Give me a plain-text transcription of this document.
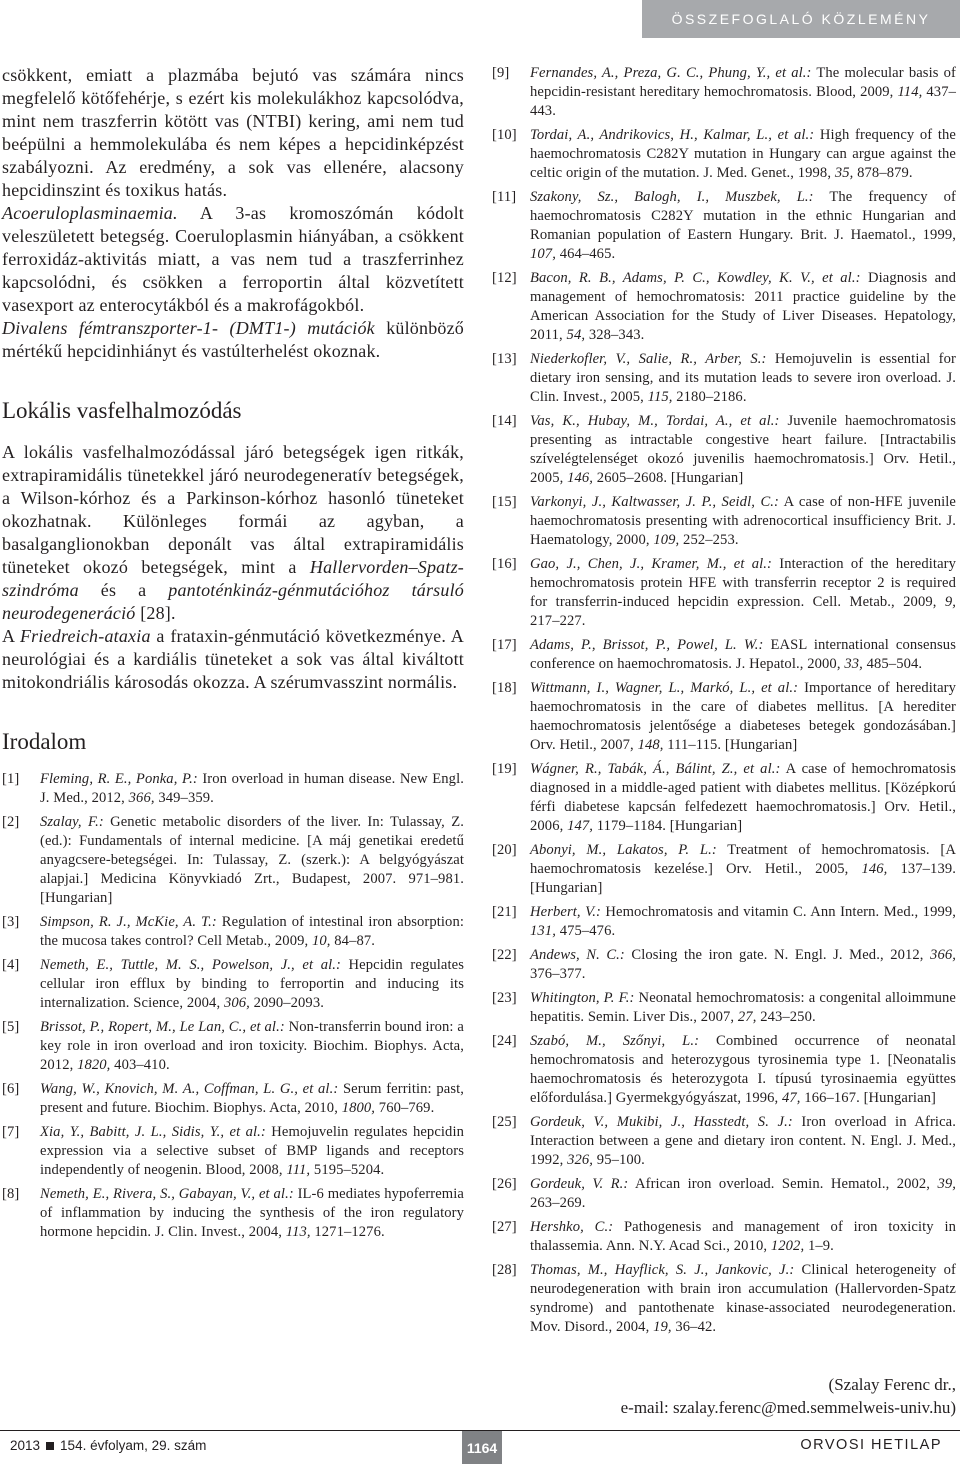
ÖSSZEFOGLALÓ KÖZLEMÉNY

csökkent, emiatt a plazmába bejutó vas számára nincs megfelelő kötőfehérje, s ezért kis molekulákhoz kapcsolódva, mint nem traszferrin kötött vas (NTBI) kering, ami nem tud beépülni a hemmolekulába és nem képes a hepcidinképzést szabályozni. Az eredmény, a sok vas ellenére, alacsony hepcidinszint és toxikus hatás.

Acoeruloplasminaemia. A 3-as kromoszómán kódolt veleszületett betegség. Coeruloplasmin hiányában, a csökkent ferroxidáz-aktivitás miatt, a vas nem tud a traszferrinhez kapcsolódni, és csökken a ferroportin által közvetített vasexport az enterocytákból és a makrofágokból.

Divalens fémtranszporter-1- (DMT1-) mutációk különböző mértékű hepcidinhiányt és vastúlterhelést okoznak.

Lokális vasfelhalmozódás

A lokális vasfelhalmozódással járó betegségek igen ritkák, extrapiramidális tünetekkel járó neurodegeneratív betegségek, a Wilson-kórhoz és a Parkinson-kórhoz hasonló tüneteket okozhatnak. Különleges formái az agyban, a basalganglionokban deponált vas által extrapiramidális tüneteket okozó betegségek, mint a Hallervorden–Spatz-szindróma és a pantoténkináz-génmutációhoz társuló neurodegeneráció [28].

A Friedreich-ataxia a frataxin-génmutáció következménye. A neurológiai és a kardiális tüneteket a sok vas által kiváltott mitokondriális károsodás okozza. A szérumvasszint normális.

Irodalom
[1] Fleming, R. E., Ponka, P.: Iron overload in human disease. New Engl. J. Med., 2012, 366, 349–359.
[2] Szalay, F.: Genetic metabolic disorders of the liver. In: Tulassay, Z. (ed.): Fundamentals of internal medicine. [A máj genetikai eredetű anyagcsere-betegségei. In: Tulassay, Z. (szerk.): A belgyógyászat alapjai.] Medicina Könyvkiadó Zrt., Budapest, 2007. 971–981. [Hungarian]
[3] Simpson, R. J., McKie, A. T.: Regulation of intestinal iron absorption: the mucosa takes control? Cell Metab., 2009, 10, 84–87.
[4] Nemeth, E., Tuttle, M. S., Powelson, J., et al.: Hepcidin regulates cellular iron efflux by binding to ferroportin and inducing its internalization. Science, 2004, 306, 2090–2093.
[5] Brissot, P., Ropert, M., Le Lan, C., et al.: Non-transferrin bound iron: a key role in iron overload and iron toxicity. Biochim. Biophys. Acta, 2012, 1820, 403–410.
[6] Wang, W., Knovich, M. A., Coffman, L. G., et al.: Serum ferritin: past, present and future. Biochim. Biophys. Acta, 2010, 1800, 760–769.
[7] Xia, Y., Babitt, J. L., Sidis, Y., et al.: Hemojuvelin regulates hepcidin expression via a selective subset of BMP ligands and receptors independently of neogenin. Blood, 2008, 111, 5195–5204.
[8] Nemeth, E., Rivera, S., Gabayan, V., et al.: IL-6 mediates hypoferremia of inflammation by inducing the synthesis of the iron regulatory hormone hepcidin. J. Clin. Invest., 2004, 113, 1271–1276.
[9] Fernandes, A., Preza, G. C., Phung, Y., et al.: The molecular basis of hepcidin-resistant hereditary hemochromatosis. Blood, 2009, 114, 437–443.
[10] Tordai, A., Andrikovics, H., Kalmar, L., et al.: High frequency of the haemochromatosis C282Y mutation in Hungary can argue against the celtic origin of the mutation. J. Med. Genet., 1998, 35, 878–879.
[11] Szakony, Sz., Balogh, I., Muszbek, L.: The frequency of haemochromatosis C282Y mutation in the ethnic Hungarian and Romanian population of Eastern Hungary. Brit. J. Haematol., 1999, 107, 464–465.
[12] Bacon, R. B., Adams, P. C., Kowdley, K. V., et al.: Diagnosis and management of hemochromatosis: 2011 practice guideline by the American Association for the Study of Liver Diseases. Hepatology, 2011, 54, 328–343.
[13] Niederkofler, V., Salie, R., Arber, S.: Hemojuvelin is essential for dietary iron sensing, and its mutation leads to severe iron overload. J. Clin. Invest., 2005, 115, 2180–2186.
[14] Vas, K., Hubay, M., Tordai, A., et al.: Juvenile haemochromatosis presenting as intractable congestive heart failure. [Intractabilis szívelégtelenséget okozó juvenilis haemochromatosis.] Orv. Hetil., 2005, 146, 2605–2608. [Hungarian]
[15] Varkonyi, J., Kaltwasser, J. P., Seidl, C.: A case of non-HFE juvenile haemochromatosis presenting with adrenocortical insufficiency Brit. J. Haematology, 2000, 109, 252–253.
[16] Gao, J., Chen, J., Kramer, M., et al.: Interaction of the hereditary hemochromatosis protein HFE with transferrin receptor 2 is required for transferrin-induced hepcidin expression. Cell. Metab., 2009, 9, 217–227.
[17] Adams, P., Brissot, P., Powel, L. W.: EASL international consensus conference on haemochromatosis. J. Hepatol., 2000, 33, 485–504.
[18] Wittmann, I., Wagner, L., Markó, L., et al.: Importance of hereditary haemochromatosis in the care of diabetes mellitus. [A herediter haemochromatosis jelentősége a diabeteses betegek gondozásában.] Orv. Hetil., 2007, 148, 111–115. [Hungarian]
[19] Wágner, R., Tabák, Á., Bálint, Z., et al.: A case of hemochromatosis diagnosed in a middle-aged patient with diabetes mellitus. [Középkorú férfi diabetese kapcsán felfedezett haemochromatosis.] Orv. Hetil., 2006, 147, 1179–1184. [Hungarian]
[20] Abonyi, M., Lakatos, P. L.: Treatment of hemochromatosis. [A haemochromatosis kezelése.] Orv. Hetil., 2005, 146, 137–139. [Hungarian]
[21] Herbert, V.: Hemochromatosis and vitamin C. Ann Intern. Med., 1999, 131, 475–476.
[22] Andews, N. C.: Closing the iron gate. N. Engl. J. Med., 2012, 366, 376–377.
[23] Whitington, P. F.: Neonatal hemochromatosis: a congenital alloimmune hepatitis. Semin. Liver Dis., 2007, 27, 243–250.
[24] Szabó, M., Szőnyi, L.: Combined occurrence of neonatal hemochromatosis and heterozygous tyrosinemia type 1. [Neonatalis haemochromatosis és heterozygota I. típusú tyrosinaemia együttes előfordulása.] Gyermekgyógyászat, 1996, 47, 166–167. [Hungarian]
[25] Gordeuk, V., Mukibi, J., Hasstedt, S. J.: Iron overload in Africa. Interaction between a gene and dietary iron content. N. Engl. J. Med., 1992, 326, 95–100.
[26] Gordeuk, V. R.: African iron overload. Semin. Hematol., 2002, 39, 263–269.
[27] Hershko, C.: Pathogenesis and management of iron toxicity in thalassemia. Ann. N.Y. Acad Sci., 2010, 1202, 1–9.
[28] Thomas, M., Hayflick, S. J., Jankovic, J.: Clinical heterogeneity of neurodegeneration with brain iron accumulation (Hallervorden-Spatz syndrome) and pantothenate kinase-associated neurodegeneration. Mov. Disord., 2004, 19, 36–42.
(Szalay Ferenc dr.,
e-mail: szalay.ferenc@med.semmelweis-univ.hu)
2013 154. évfolyam, 29. szám	1164	ORVOSI HETILAP
